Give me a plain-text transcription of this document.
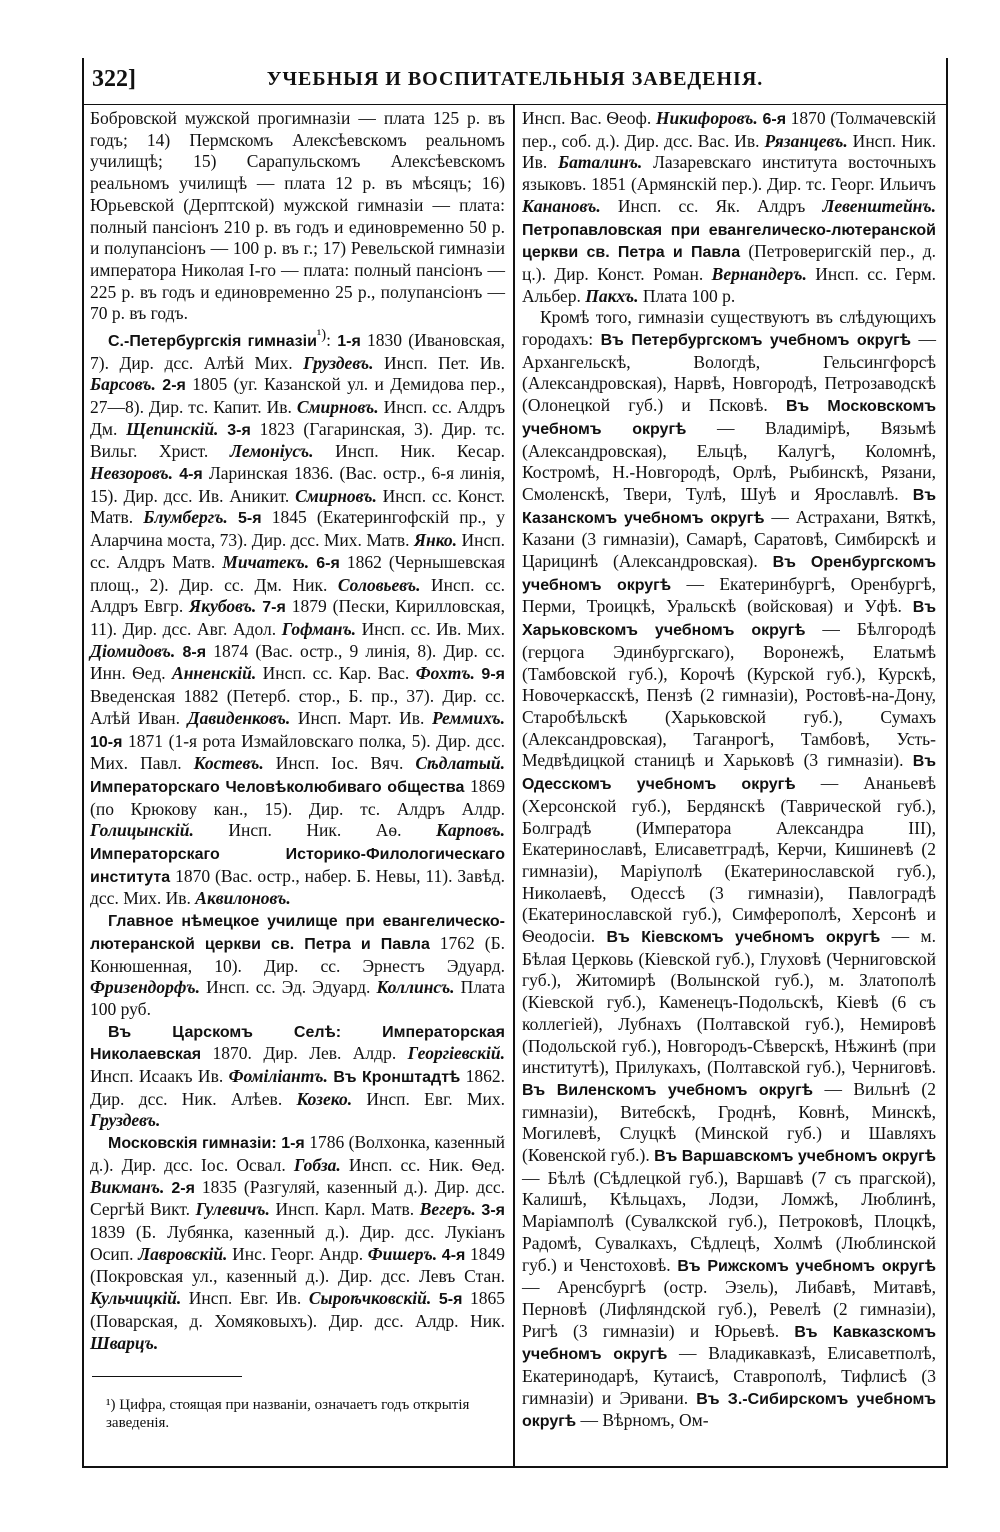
322]	УЧЕБНЫЯ И ВОСПИТАТЕЛЬНЫЯ ЗАВЕДЕНІЯ.

Бобровской мужской прогимназіи — плата 125 р. въ годъ; 14) Пермскомъ Алексѣевскомъ реальномъ училищѣ; 15) Сарапульскомъ Алексѣевскомъ реальномъ училищѣ — плата 12 р. въ мѣсяцъ; 16) Юрьевской (Дерптской) мужской гимназіи — плата: полный пансіонъ 210 р. въ годъ и единовременно 50 р. и полупансіонъ — 100 р. въ г.; 17) Ревельской гимназіи императора Николая I-го — плата: полный пансіонъ — 225 р. въ годъ и единовременно 25 р., полупансіонъ — 70 р. въ годъ.

С.-Петербургскія гимназіи$^{^1)}$: 1-я 1830 (Ивановская, 7). Дир. дсс. Алѣй Мих. Груздевъ. Инсп. Пет. Ив. Барсовъ. 2-я 1805 (уг. Казанской ул. и Демидова пер., 27—8). Дир. тс. Капит. Ив. Смирновъ. Инсп. сс. Алдръ Дм. Щепинскій. 3-я 1823 (Гагаринская, 3). Дир. тс. Вильг. Христ. Лемоніусъ. Инсп. Ник. Кесар. Невзоровъ. 4-я Ларинская 1836. (Вас. остр., 6-я линія, 15). Дир. дсс. Ив. Аникит. Смирновъ. Инсп. сс. Конст. Матв. Блумбергъ. 5-я 1845 (Екатерингофскій пр., у Аларчина моста, 73). Дир. дсс. Мих. Матв. Янко. Инсп. сс. Алдръ Матв. Мичатекъ. 6-я 1862 (Чернышевская площ., 2). Дир. сс. Дм. Ник. Соловьевъ. Инсп. сс. Алдръ Евгр. Якубовъ. 7-я 1879 (Пески, Кирилловская, 11). Дир. дсс. Авг. Адол. Гофманъ. Инсп. сс. Ив. Мих. Діомидовъ. 8-я 1874 (Вас. остр., 9 линія, 8). Дир. сс. Инн. Ѳед. Анненскій. Инсп. сс. Кар. Вас. Фохтъ. 9-я Введенская 1882 (Петерб. стор., Б. пр., 37). Дир. сс. Алѣй Иван. Давиденковъ. Инсп. Март. Ив. Реммихъ. 10-я 1871 (1-я рота Измайловскаго полка, 5). Дир. дсс. Мих. Павл. Костевъ. Инсп. Іос. Вяч. Сѣдлатый. Императорскаго Человѣколюбиваго общества 1869 (по Крюкову кан., 15). Дир. тс. Алдръ Алдр. Голицынскій. Инсп. Ник. Аѳ. Карповъ. Императорскаго Историко-Филологическаго института 1870 (Вас. остр., набер. Б. Невы, 11). Завѣд. дсс. Мих. Ив. Аквилоновъ.

Главное нѣмецкое училище при евангелическо-лютеранской церкви св. Петра и Павла 1762 (Б. Конюшенная, 10). Дир. сс. Эрнестъ Эдуард. Фризендорфъ. Инсп. сс. Эд. Эдуард. Коллинсъ. Плата 100 руб.

Въ Царскомъ Селѣ: Императорская Николаевская 1870. Дир. Лев. Алдр. Георгіевскій. Инсп. Исаакъ Ив. Фоміліантъ. Въ Кронштадтѣ 1862. Дир. дсс. Ник. Алѣев. Козеко. Инсп. Евг. Мих. Груздевъ.

Московскія гимназіи: 1-я 1786 (Волхонка, казенный д.). Дир. дсс. Іос. Освал. Гобза. Инсп. сс. Ник. Ѳед. Викманъ. 2-я 1835 (Разгуляй, казенный д.). Дир. дсс. Сергѣй Викт. Гулевичъ. Инсп. Карл. Матв. Вегеръ. 3-я 1839 (Б. Лубянка, казенный д.). Дир. дсс. Лукіанъ Осип. Лавровскій. Инс. Георг. Андр. Фишеръ. 4-я 1849 (Покровская ул., казенный д.). Дир. дсс. Левъ Стан. Кульчицкій. Инсп. Евг. Ив. Сыроѣчковскій. 5-я 1865 (Поварская, д. Хомяковыхъ). Дир. дсс. Алдр. Ник. Шварцъ.

¹) Цифра, стоящая при названіи, означаетъ годъ открытія заведенія.

Инсп. Вас. Ѳеоф. Никифоровъ. 6-я 1870 (Толмачевскій пер., соб. д.). Дир. дсс. Вас. Ив. Рязанцевъ. Инсп. Ник. Ив. Баталинъ. Лазаревскаго института восточныхъ языковъ. 1851 (Армянскій пер.). Дир. тс. Георг. Ильичъ Канановъ. Инсп. сс. Як. Алдръ Левенштейнъ. Петропавловская при евангелическо-лютеранской церкви св. Петра и Павла (Петроверигскій пер., д. ц.). Дир. Конст. Роман. Вернандеръ. Инсп. сс. Герм. Альбер. Пакхъ. Плата 100 р.

Кромѣ того, гимназіи существуютъ въ слѣдующихъ городахъ: Въ Петербургскомъ учебномъ округѣ — Архангельскѣ, Вологдѣ, Гельсингфорсѣ (Александровская), Нарвѣ, Новгородѣ, Петрозаводскѣ (Олонецкой губ.) и Псковѣ. Въ Московскомъ учебномъ округѣ — Владимірѣ, Вязьмѣ (Александровская), Ельцѣ, Калугѣ, Коломнѣ, Костромѣ, Н.-Новгородѣ, Орлѣ, Рыбинскѣ, Рязани, Смоленскѣ, Твери, Тулѣ, Шуѣ и Ярославлѣ. Въ Казанскомъ учебномъ округѣ — Астрахани, Вяткѣ, Казани (3 гимназіи), Самарѣ, Саратовѣ, Симбирскѣ и Царицинѣ (Александровская). Въ Оренбургскомъ учебномъ округѣ — Екатеринбургѣ, Оренбургѣ, Перми, Троицкѣ, Уральскѣ (войсковая) и Уфѣ. Въ Харьковскомъ учебномъ округѣ — Бѣлгородѣ (герцога Эдинбургскаго), Воронежѣ, Елатьмѣ (Тамбовской губ.), Корочѣ (Курской губ.), Курскѣ, Новочеркасскѣ, Пензѣ (2 гимназіи), Ростовѣ-на-Дону, Старобѣльскѣ (Харьковской губ.), Сумахъ (Александровская), Таганрогѣ, Тамбовѣ, Усть-Медвѣдицкой станицѣ и Харьковѣ (3 гимназіи). Въ Одесскомъ учебномъ округѣ — Ананьевѣ (Херсонской губ.), Бердянскѣ (Таврической губ.), Болградѣ (Императора Александра III), Екатеринославѣ, Елисаветградѣ, Керчи, Кишиневѣ (2 гимназіи), Маріуполѣ (Екатеринославской губ.), Николаевѣ, Одессѣ (3 гимназіи), Павлоградѣ (Екатеринославской губ.), Симферополѣ, Херсонѣ и Ѳеодосіи. Въ Кіевскомъ учебномъ округѣ — м. Бѣлая Церковь (Кіевской губ.), Глуховѣ (Черниговской губ.), Житомирѣ (Волынской губ.), м. Златополѣ (Кіевской губ.), Каменецъ-Подольскѣ, Кіевѣ (6 съ коллегіей), Лубнахъ (Полтавской губ.), Немировѣ (Подольской губ.), Новгородъ-Сѣверскѣ, Нѣжинѣ (при институтѣ), Прилукахъ, (Полтавской губ.), Черниговѣ. Въ Виленскомъ учебномъ округѣ — Вильнѣ (2 гимназіи), Витебскѣ, Гроднѣ, Ковнѣ, Минскѣ, Могилевѣ, Слуцкѣ (Минской губ.) и Шавляхъ (Ковенской губ.). Въ Варшавскомъ учебномъ округѣ — Бѣлѣ (Сѣдлецкой губ.), Варшавѣ (7 съ прагской), Калишѣ, Кѣльцахъ, Лодзи, Ломжѣ, Люблинѣ, Маріамполѣ (Сувалкской губ.), Петроковѣ, Плоцкѣ, Радомѣ, Сувалкахъ, Сѣдлецѣ, Холмѣ (Люблинской губ.) и Ченстоховѣ. Въ Рижскомъ учебномъ округѣ — Аренсбургѣ (остр. Эзель), Либавѣ, Митавѣ, Перновѣ (Лифляндской губ.), Ревелѣ (2 гимназіи), Ригѣ (3 гимназіи) и Юрьевѣ. Въ Кавказскомъ учебномъ округѣ — Владикавказѣ, Елисаветполѣ, Екатеринодарѣ, Кутаисѣ, Ставрополѣ, Тифлисѣ (3 гимназіи) и Эривани. Въ З.-Сибирскомъ учебномъ округѣ — Вѣрномъ, Ом-
